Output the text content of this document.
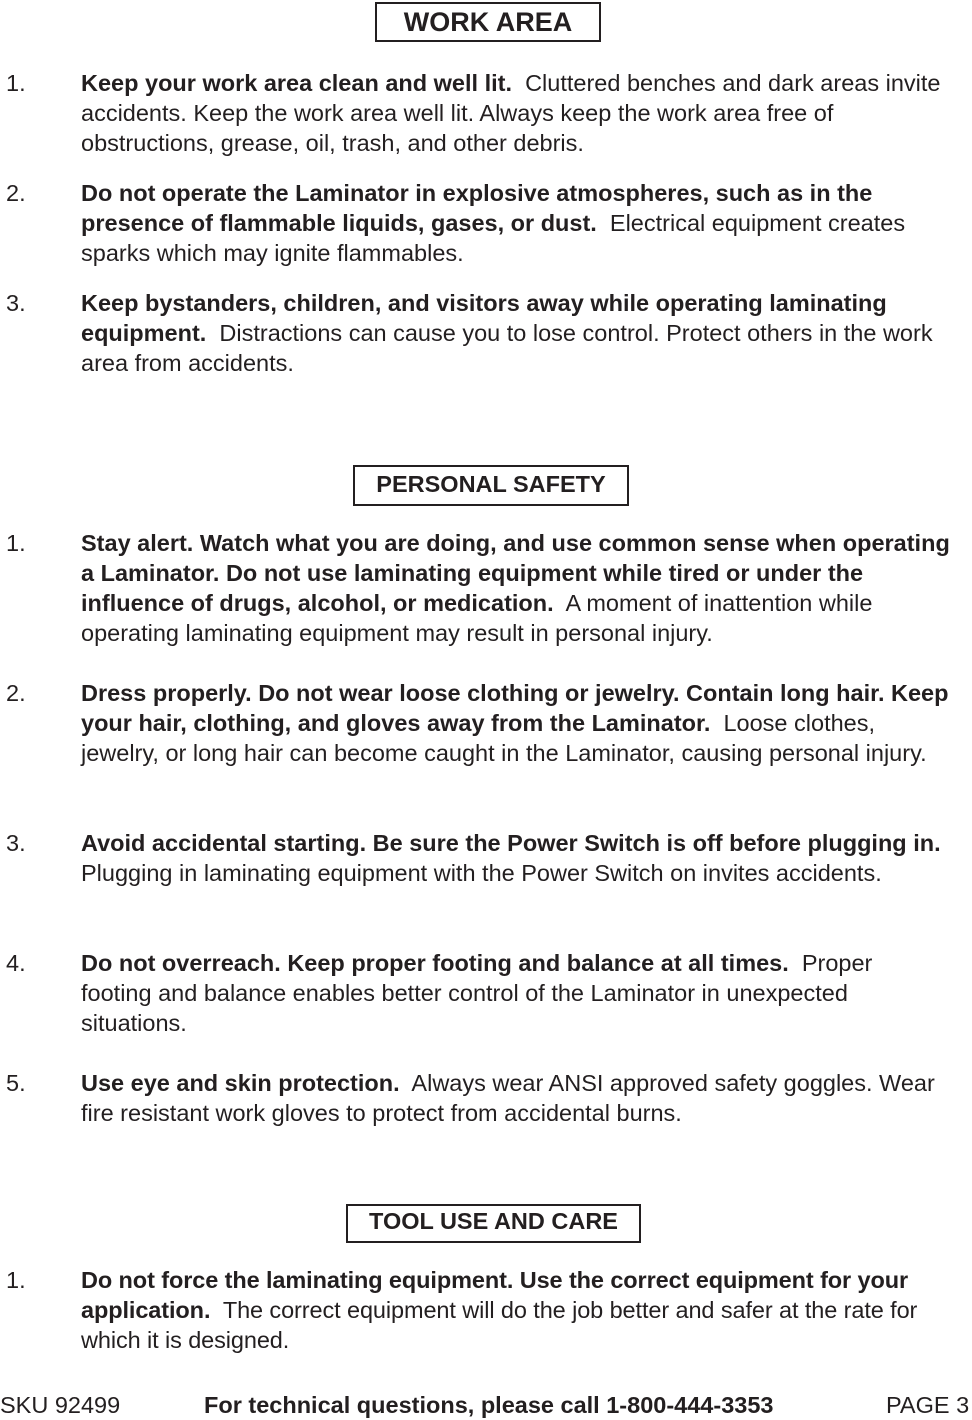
WORK AREA
1. Keep your work area clean and well lit. Cluttered benches and dark areas invite accidents. Keep the work area well lit. Always keep the work area free of obstructions, grease, oil, trash, and other debris.
2. Do not operate the Laminator in explosive atmospheres, such as in the presence of flammable liquids, gases, or dust. Electrical equipment creates sparks which may ignite flammables.
3. Keep bystanders, children, and visitors away while operating laminating equipment. Distractions can cause you to lose control. Protect others in the work area from accidents.
PERSONAL SAFETY
1. Stay alert. Watch what you are doing, and use common sense when operating a Laminator. Do not use laminating equipment while tired or under the influence of drugs, alcohol, or medication. A moment of inattention while operating laminating equipment may result in personal injury.
2. Dress properly. Do not wear loose clothing or jewelry. Contain long hair. Keep your hair, clothing, and gloves away from the Laminator. Loose clothes, jewelry, or long hair can become caught in the Laminator, causing personal injury.
3. Avoid accidental starting. Be sure the Power Switch is off before plugging in.  Plugging in laminating equipment with the Power Switch on invites accidents.
4. Do not overreach. Keep proper footing and balance at all times. Proper footing and balance enables better control of the Laminator in unexpected situations.
5. Use eye and skin protection. Always wear ANSI approved safety goggles. Wear fire resistant work gloves to protect from accidental burns.
TOOL USE AND CARE
1. Do not force the laminating equipment. Use the correct equipment for your application. The correct equipment will do the job better and safer at the rate for which it is designed.
SKU 92499	For technical questions, please call 1-800-444-3353	PAGE 3
